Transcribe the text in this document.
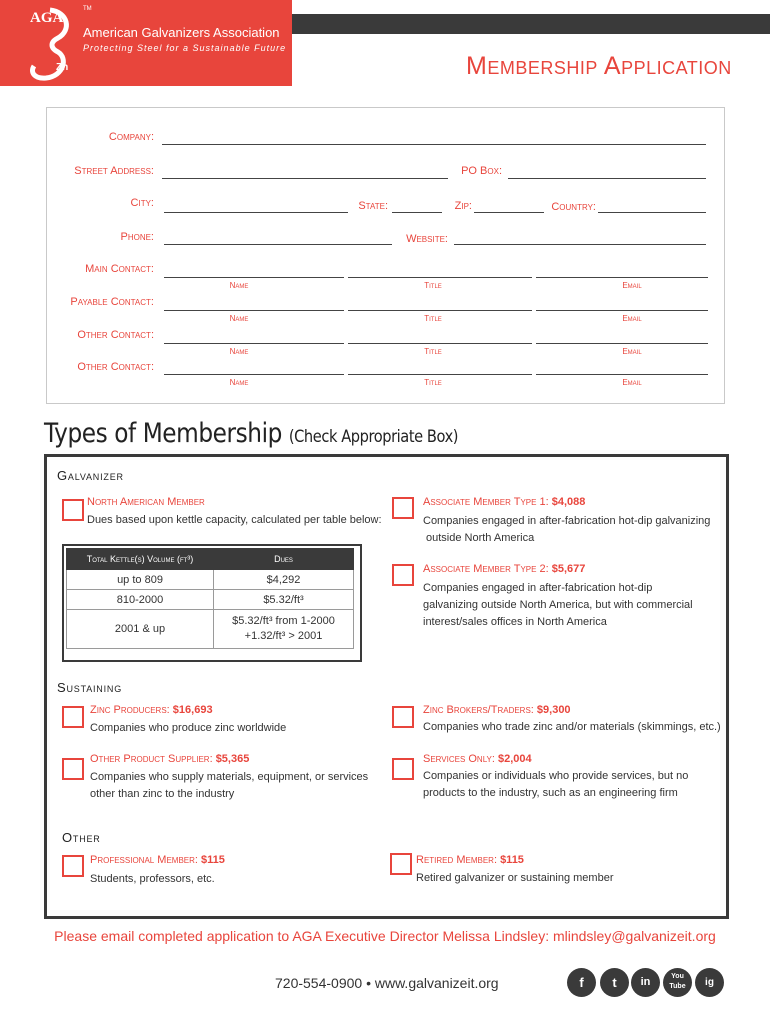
AGA
TM
Zn
American Galvanizers Association
Protecting Steel for a Sustainable Future
Membership Application
Company:
Street Address:	PO Box:
City:	State:	Zip:	Country:
Phone:	Website:
Main Contact:
Name	Title	Email
Payable Contact:
Name	Title	Email
Other Contact:
Name	Title	Email
Other Contact:
Name	Title	Email
Types of Membership (Check Appropriate Box)
Galvanizer
North American Member
Dues based upon kettle capacity, calculated per table below:
Total Kettle(s) Volume (ft³)	Dues
up to 809	$4,292
810-2000	$5.32/ft³
2001 & up	$5.32/ft³ from 1-2000
+1.32/ft³ > 2001
Associate Member Type 1: $4,088
Companies engaged in after-fabrication hot-dip galvanizing
outside North America
Associate Member Type 2: $5,677
Companies engaged in after-fabrication hot-dip galvanizing outside North America, but with commercial interest/sales offices in North America
Sustaining
Zinc Producers: $16,693
Companies who produce zinc worldwide
Zinc Brokers/Traders: $9,300
Companies who trade zinc and/or materials (skimmings, etc.)
Other Product Supplier: $5,365
Companies who supply materials, equipment, or services other than zinc to the industry
Services Only: $2,004
Companies or individuals who provide services, but no products to the industry, such as an engineering firm
Other
Professional Member: $115
Students, professors, etc.
Retired Member: $115
Retired galvanizer or sustaining member
Please email completed application to AGA Executive Director Melissa Lindsley: mlindsley@galvanizeit.org
720-554-0900 • www.galvanizeit.org	f	t	in	You Tube	ig
